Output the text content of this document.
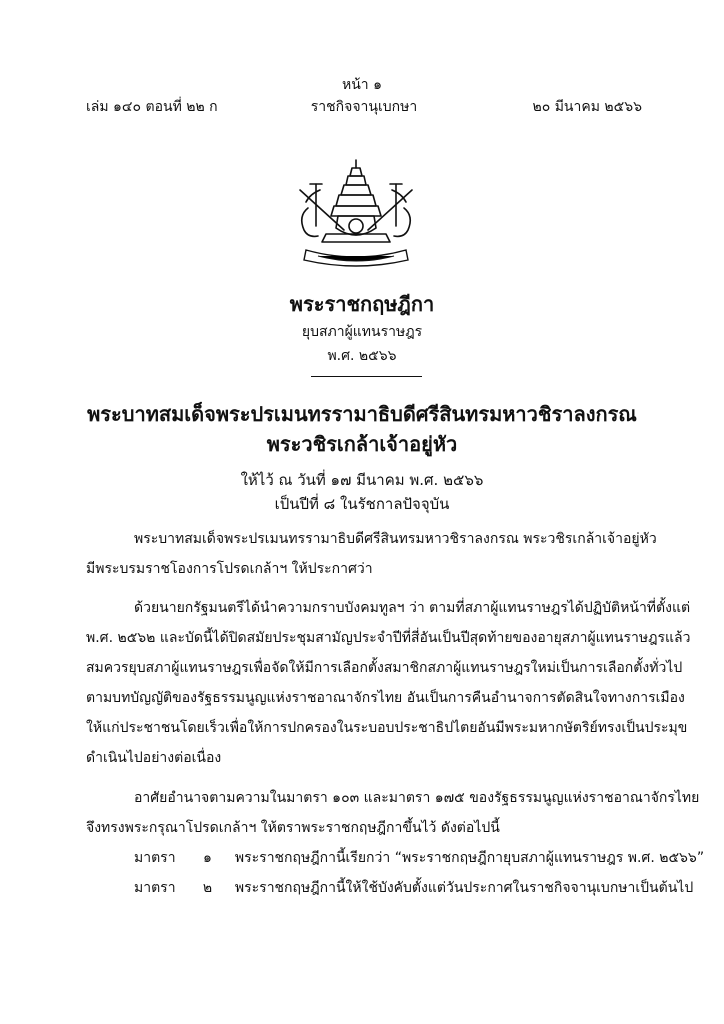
หน้า ๑
เล่ม ๑๔๐ ตอนที่ ๒๒ ก	ราชกิจจานุเบกษา	๒๐ มีนาคม ๒๕๖๖
พระราชกฤษฎีกา
ยุบสภาผู้แทนราษฎร
พ.ศ. ๒๕๖๖
พระบาทสมเด็จพระปรเมนทรรามาธิบดีศรีสินทรมหาวชิราลงกรณ
พระวชิรเกล้าเจ้าอยู่หัว
ให้ไว้ ณ วันที่ ๑๗ มีนาคม พ.ศ. ๒๕๖๖
เป็นปีที่ ๘ ในรัชกาลปัจจุบัน
พระบาทสมเด็จพระปรเมนทรรามาธิบดีศรีสินทรมหาวชิราลงกรณ พระวชิรเกล้าเจ้าอยู่หัว
มีพระบรมราชโองการโปรดเกล้าฯ ให้ประกาศว่า
ด้วยนายกรัฐมนตรีได้นำความกราบบังคมทูลฯ ว่า ตามที่สภาผู้แทนราษฎรได้ปฏิบัติหน้าที่ตั้งแต่
พ.ศ. ๒๕๖๒ และบัดนี้ได้ปิดสมัยประชุมสามัญประจำปีที่สี่อันเป็นปีสุดท้ายของอายุสภาผู้แทนราษฎรแล้ว
สมควรยุบสภาผู้แทนราษฎรเพื่อจัดให้มีการเลือกตั้งสมาชิกสภาผู้แทนราษฎรใหม่เป็นการเลือกตั้งทั่วไป
ตามบทบัญญัติของรัฐธรรมนูญแห่งราชอาณาจักรไทย อันเป็นการคืนอำนาจการตัดสินใจทางการเมือง
ให้แก่ประชาชนโดยเร็วเพื่อให้การปกครองในระบอบประชาธิปไตยอันมีพระมหากษัตริย์ทรงเป็นประมุข
ดำเนินไปอย่างต่อเนื่อง
อาศัยอำนาจตามความในมาตรา ๑๐๓ และมาตรา ๑๗๕ ของรัฐธรรมนูญแห่งราชอาณาจักรไทย
จึงทรงพระกรุณาโปรดเกล้าฯ ให้ตราพระราชกฤษฎีกาขึ้นไว้ ดังต่อไปนี้
มาตรา ๑ พระราชกฤษฎีกานี้เรียกว่า “พระราชกฤษฎีกายุบสภาผู้แทนราษฎร พ.ศ. ๒๕๖๖”
มาตรา ๒ พระราชกฤษฎีกานี้ให้ใช้บังคับตั้งแต่วันประกาศในราชกิจจานุเบกษาเป็นต้นไป
